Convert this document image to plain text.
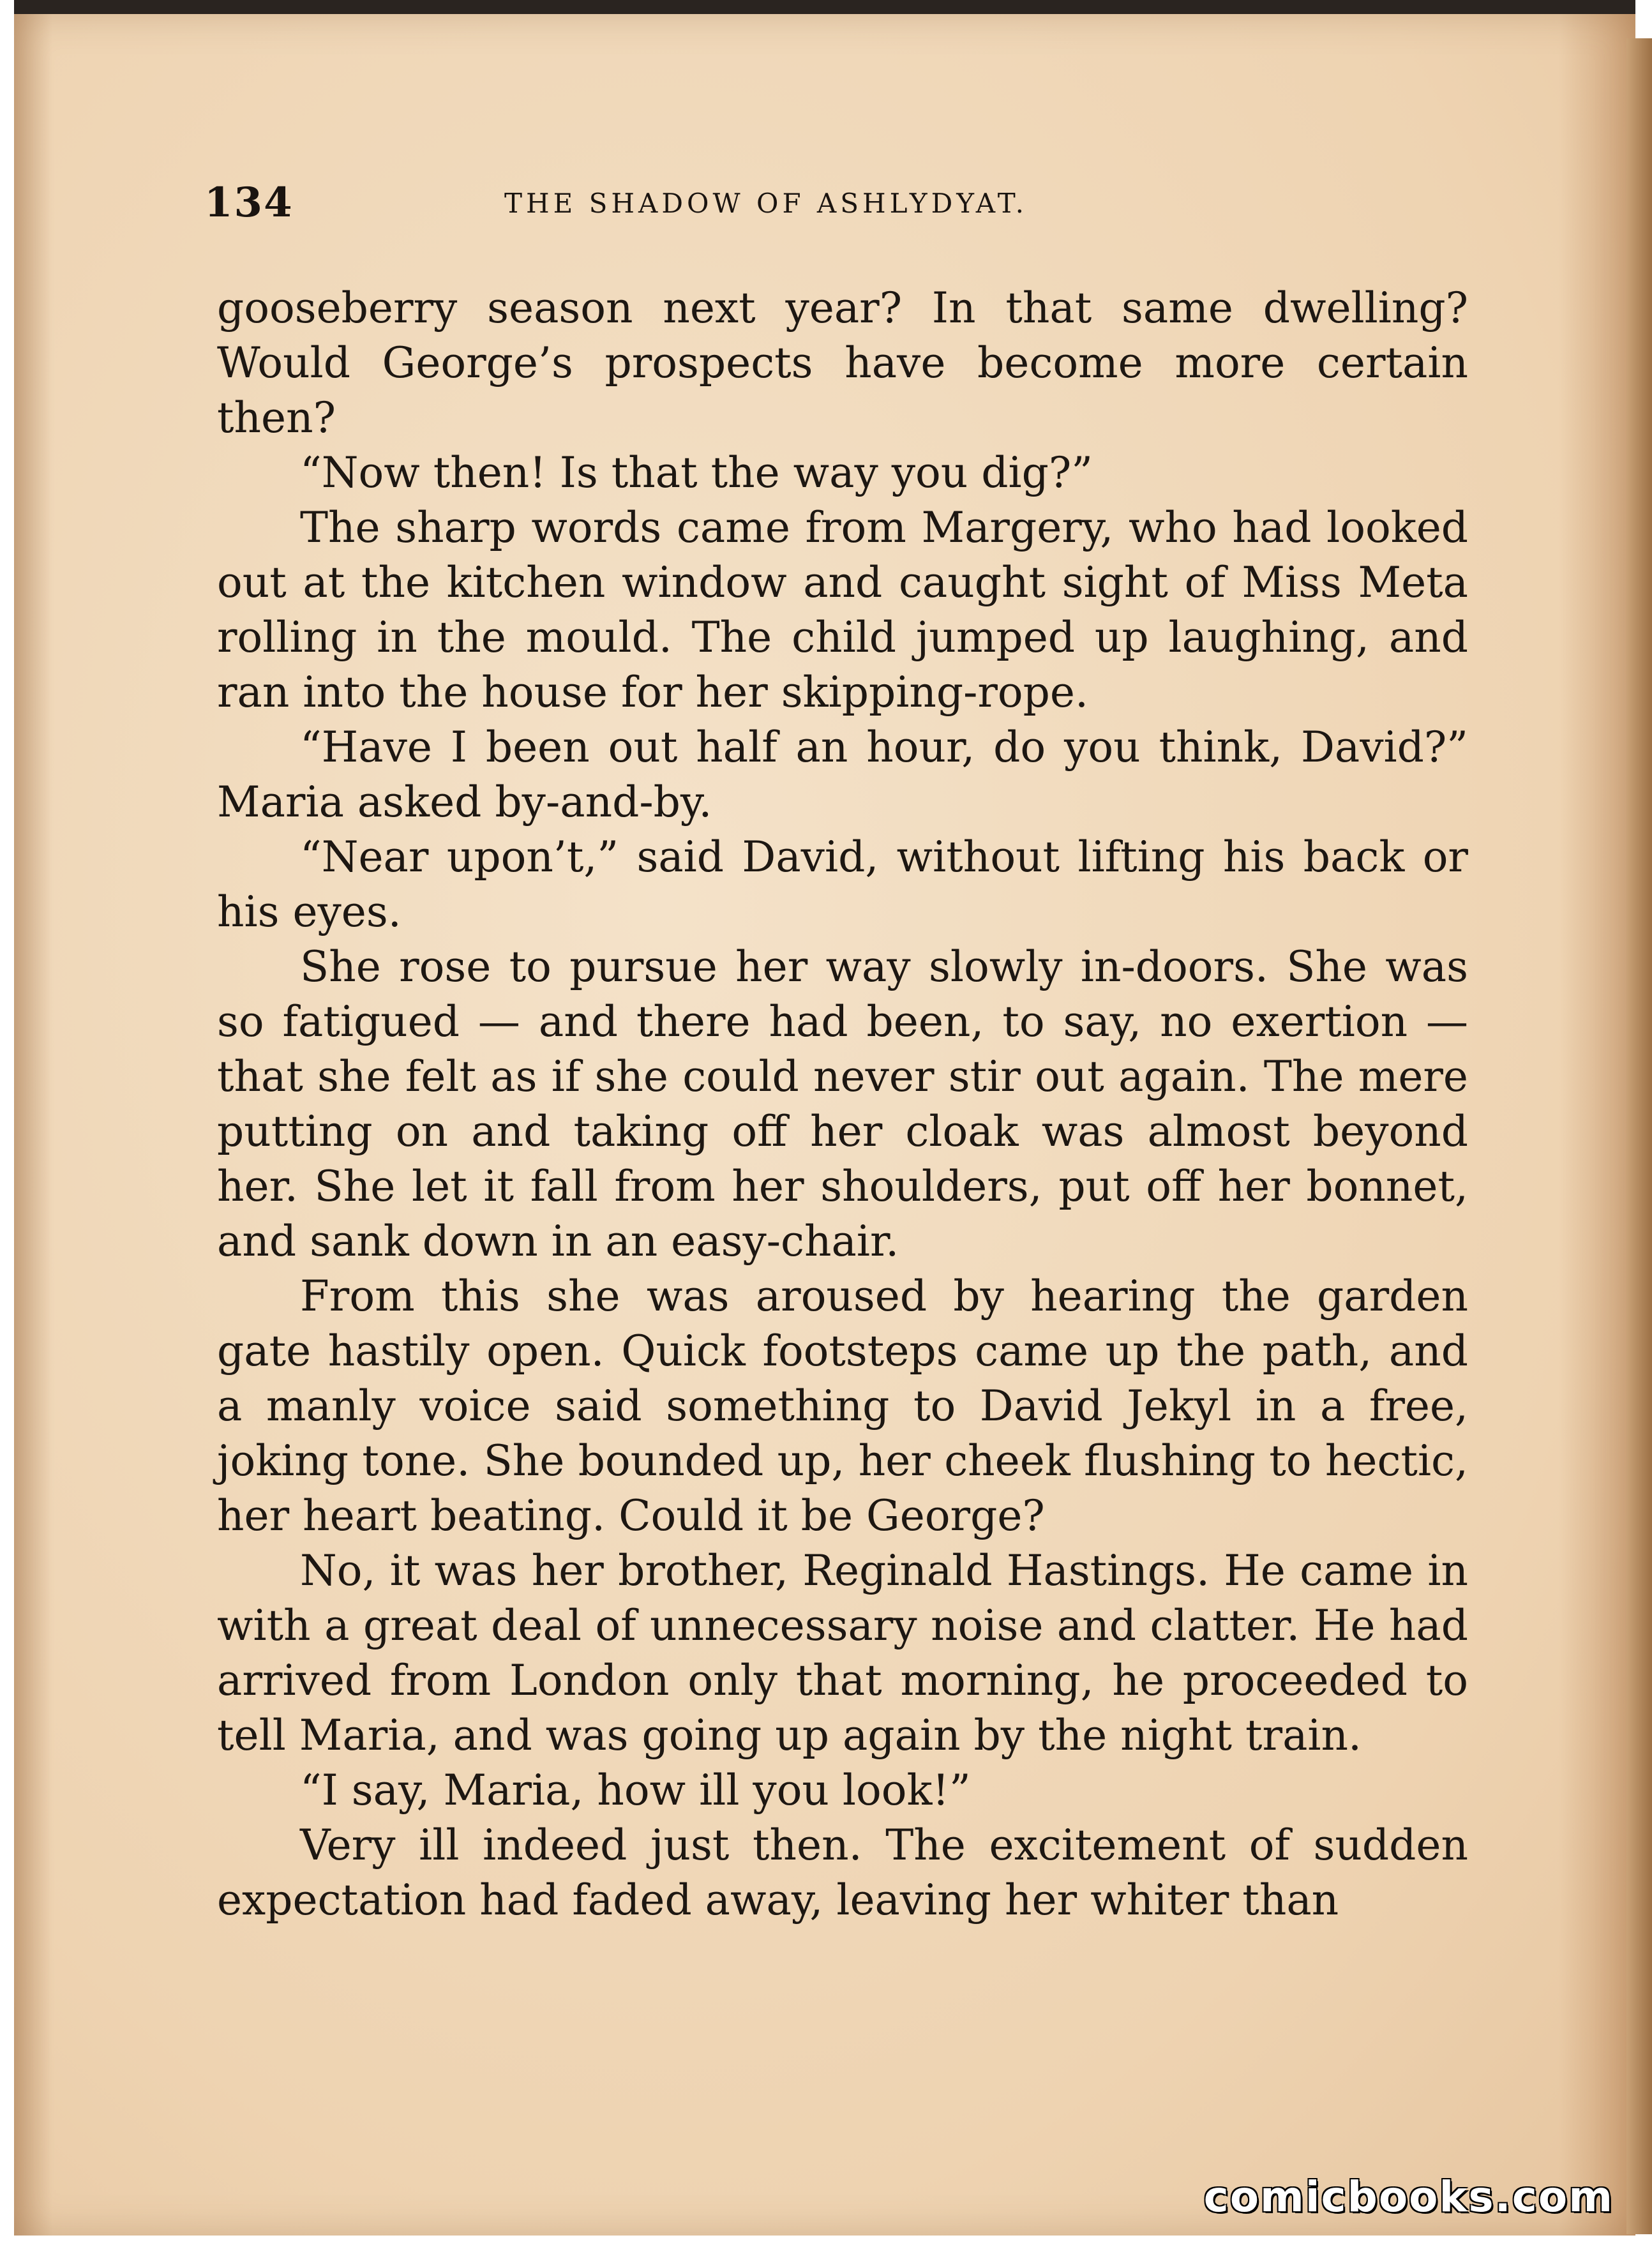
134	THE SHADOW OF ASHLYDYAT.

gooseberry season next year? In that same dwelling? Would George’s prospects have become more certain then?

“Now then! Is that the way you dig?”

The sharp words came from Margery, who had looked out at the kitchen window and caught sight of Miss Meta rolling in the mould. The child jumped up laughing, and ran into the house for her skipping-rope.

“Have I been out half an hour, do you think, David?” Maria asked by-and-by.

“Near upon’t,” said David, without lifting his back or his eyes.

She rose to pursue her way slowly in-doors. She was so fatigued — and there had been, to say, no exertion — that she felt as if she could never stir out again. The mere putting on and taking off her cloak was almost beyond her. She let it fall from her shoulders, put off her bonnet, and sank down in an easy-chair.

From this she was aroused by hearing the garden gate hastily open. Quick footsteps came up the path, and a manly voice said something to David Jekyl in a free, joking tone. She bounded up, her cheek flushing to hectic, her heart beating. Could it be George?

No, it was her brother, Reginald Hastings. He came in with a great deal of unnecessary noise and clatter. He had arrived from London only that morning, he proceeded to tell Maria, and was going up again by the night train.

“I say, Maria, how ill you look!”

Very ill indeed just then. The excitement of sudden expectation had faded away, leaving her whiter than

comicbooks.com
